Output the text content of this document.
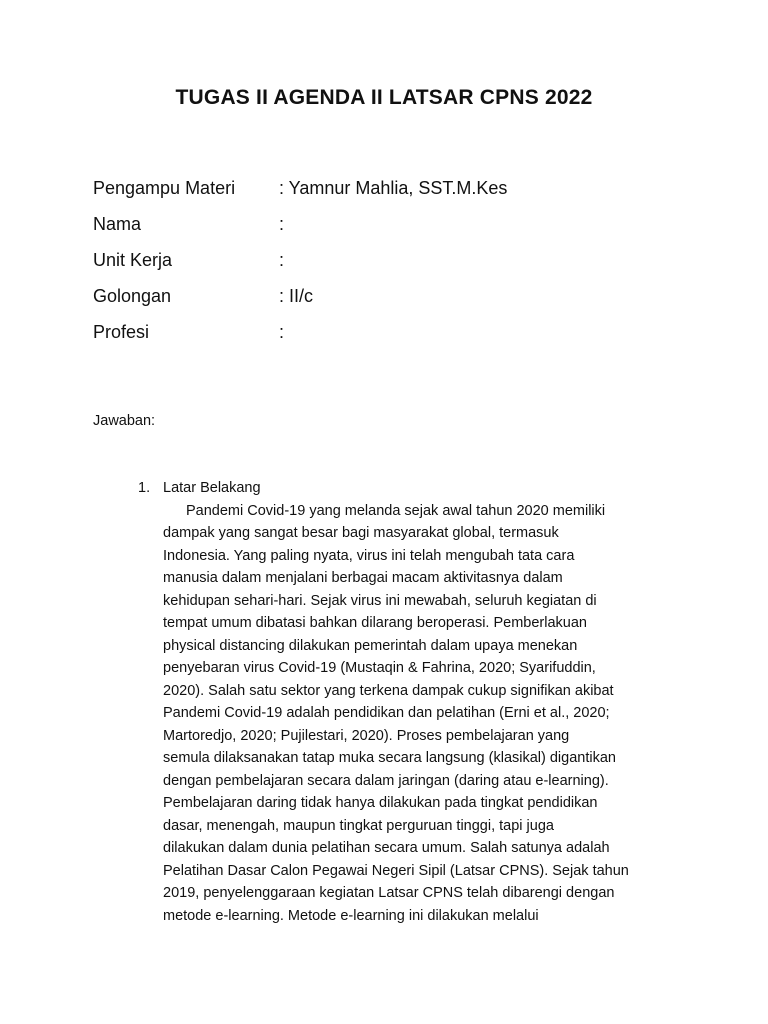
TUGAS II AGENDA II LATSAR CPNS 2022
Pengampu Materi	: Yamnur Mahlia, SST.M.Kes
Nama	:
Unit Kerja	:
Golongan	: II/c
Profesi	:
Jawaban:
1. Latar Belakang

Pandemi Covid-19 yang melanda sejak awal tahun 2020 memiliki
dampak yang sangat besar bagi masyarakat global, termasuk
Indonesia. Yang paling nyata, virus ini telah mengubah tata cara
manusia dalam menjalani berbagai macam aktivitasnya dalam
kehidupan sehari-hari. Sejak virus ini mewabah, seluruh kegiatan di
tempat umum dibatasi bahkan dilarang beroperasi. Pemberlakuan
physical distancing dilakukan pemerintah dalam upaya menekan
penyebaran virus Covid-19 (Mustaqin & Fahrina, 2020; Syarifuddin,
2020). Salah satu sektor yang terkena dampak cukup signifikan akibat
Pandemi Covid-19 adalah pendidikan dan pelatihan (Erni et al., 2020;
Martoredjo, 2020; Pujilestari, 2020). Proses pembelajaran yang
semula dilaksanakan tatap muka secara langsung (klasikal) digantikan
dengan pembelajaran secara dalam jaringan (daring atau e-learning).
Pembelajaran daring tidak hanya dilakukan pada tingkat pendidikan
dasar, menengah, maupun tingkat perguruan tinggi, tapi juga
dilakukan dalam dunia pelatihan secara umum. Salah satunya adalah
Pelatihan Dasar Calon Pegawai Negeri Sipil (Latsar CPNS). Sejak tahun
2019, penyelenggaraan kegiatan Latsar CPNS telah dibarengi dengan
metode e-learning. Metode e-learning ini dilakukan melalui
